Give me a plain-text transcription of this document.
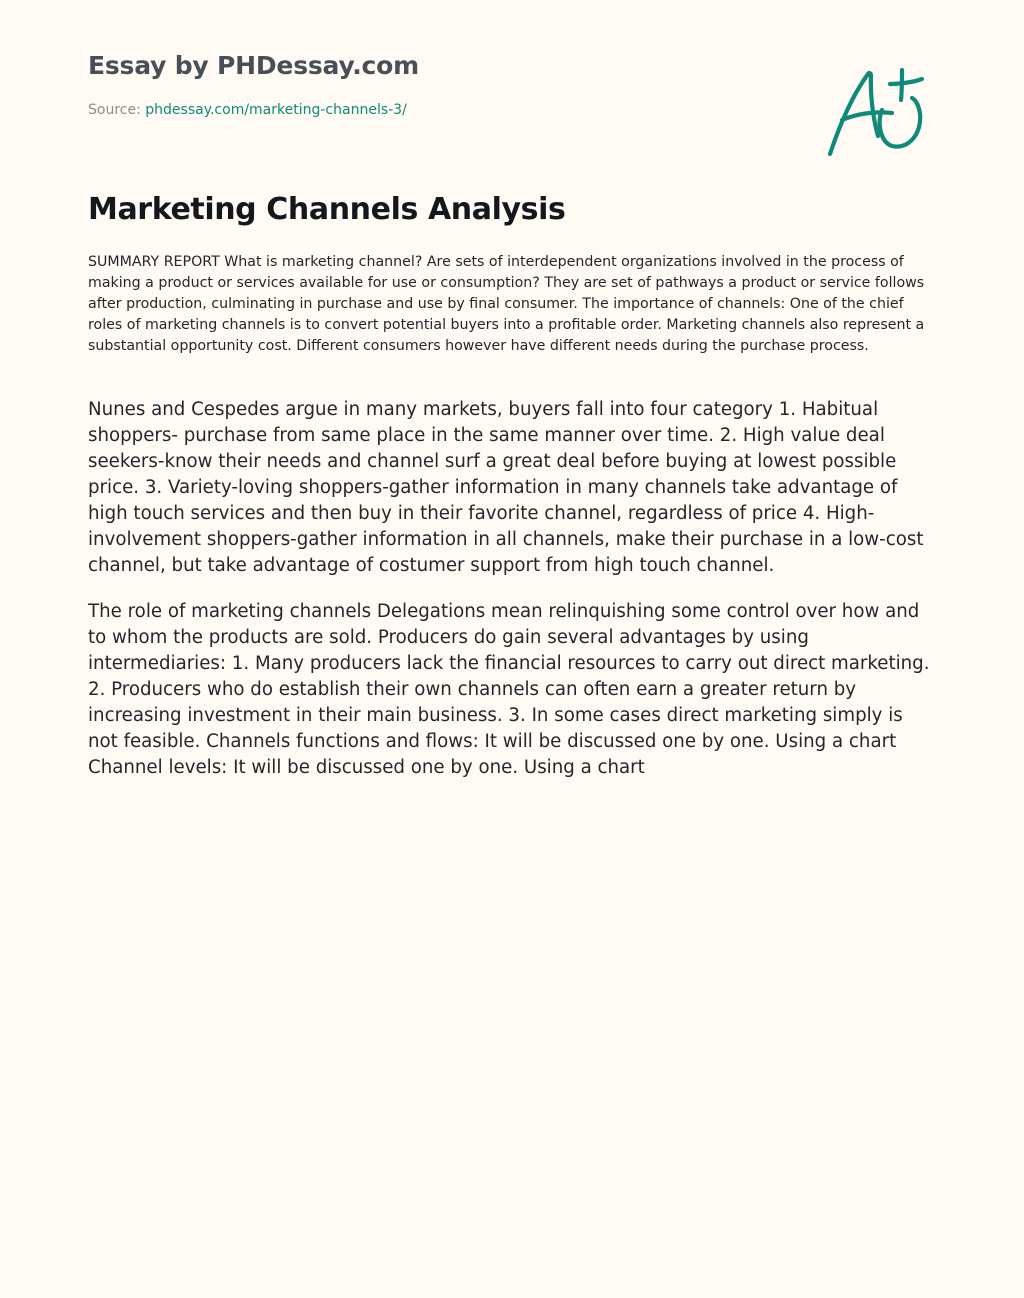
Essay by PHDessay.com
Source: phdessay.com/marketing-channels-3/
Marketing Channels Analysis

SUMMARY REPORT What is marketing channel? Are sets of interdependent organizations involved in the process of making a product or services available for use or consumption? They are set of pathways a product or service follows after production, culminating in purchase and use by final consumer. The importance of channels: One of the chief roles of marketing channels is to convert potential buyers into a profitable order. Marketing channels also represent a substantial opportunity cost. Different consumers however have different needs during the purchase process.

Nunes and Cespedes argue in many markets, buyers fall into four category 1. Habitual shoppers- purchase from same place in the same manner over time. 2. High value deal seekers-know their needs and channel surf a great deal before buying at lowest possible price. 3. Variety-loving shoppers-gather information in many channels take advantage of high touch services and then buy in their favorite channel, regardless of price 4. High-involvement shoppers-gather information in all channels, make their purchase in a low-cost channel, but take advantage of costumer support from high touch channel.

The role of marketing channels Delegations mean relinquishing some control over how and to whom the products are sold. Producers do gain several advantages by using intermediaries: 1. Many producers lack the financial resources to carry out direct marketing. 2. Producers who do establish their own channels can often earn a greater return by increasing investment in their main business. 3. In some cases direct marketing simply is not feasible. Channels functions and flows: It will be discussed one by one. Using a chart Channel levels: It will be discussed one by one. Using a chart
